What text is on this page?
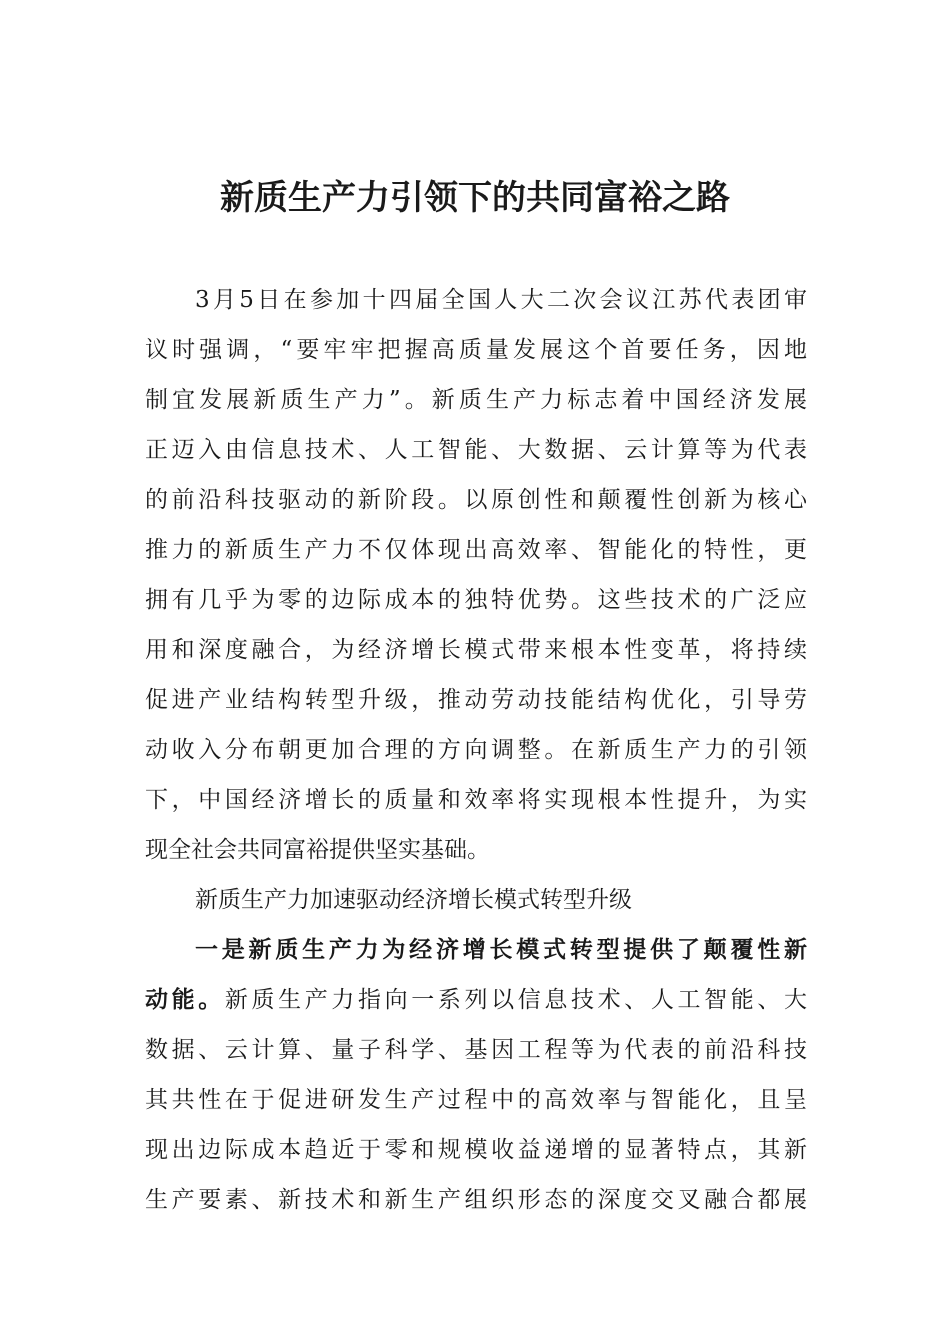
新质生产力引领下的共同富裕之路
3月5日在参加十四届全国人大二次会议江苏代表团审
议时强调，“要牢牢把握高质量发展这个首要任务，因地
制宜发展新质生产力”。新质生产力标志着中国经济发展
正迈入由信息技术、人工智能、大数据、云计算等为代表
的前沿科技驱动的新阶段。以原创性和颠覆性创新为核心
推力的新质生产力不仅体现出高效率、智能化的特性，更
拥有几乎为零的边际成本的独特优势。这些技术的广泛应
用和深度融合，为经济增长模式带来根本性变革，将持续
促进产业结构转型升级，推动劳动技能结构优化，引导劳
动收入分布朝更加合理的方向调整。在新质生产力的引领
下，中国经济增长的质量和效率将实现根本性提升，为实
现全社会共同富裕提供坚实基础。
新质生产力加速驱动经济增长模式转型升级
一是新质生产力为经济增长模式转型提供了颠覆性新
动能。新质生产力指向一系列以信息技术、人工智能、大
数据、云计算、量子科学、基因工程等为代表的前沿科技
其共性在于促进研发生产过程中的高效率与智能化，且呈
现出边际成本趋近于零和规模收益递增的显著特点，其新
生产要素、新技术和新生产组织形态的深度交叉融合都展
